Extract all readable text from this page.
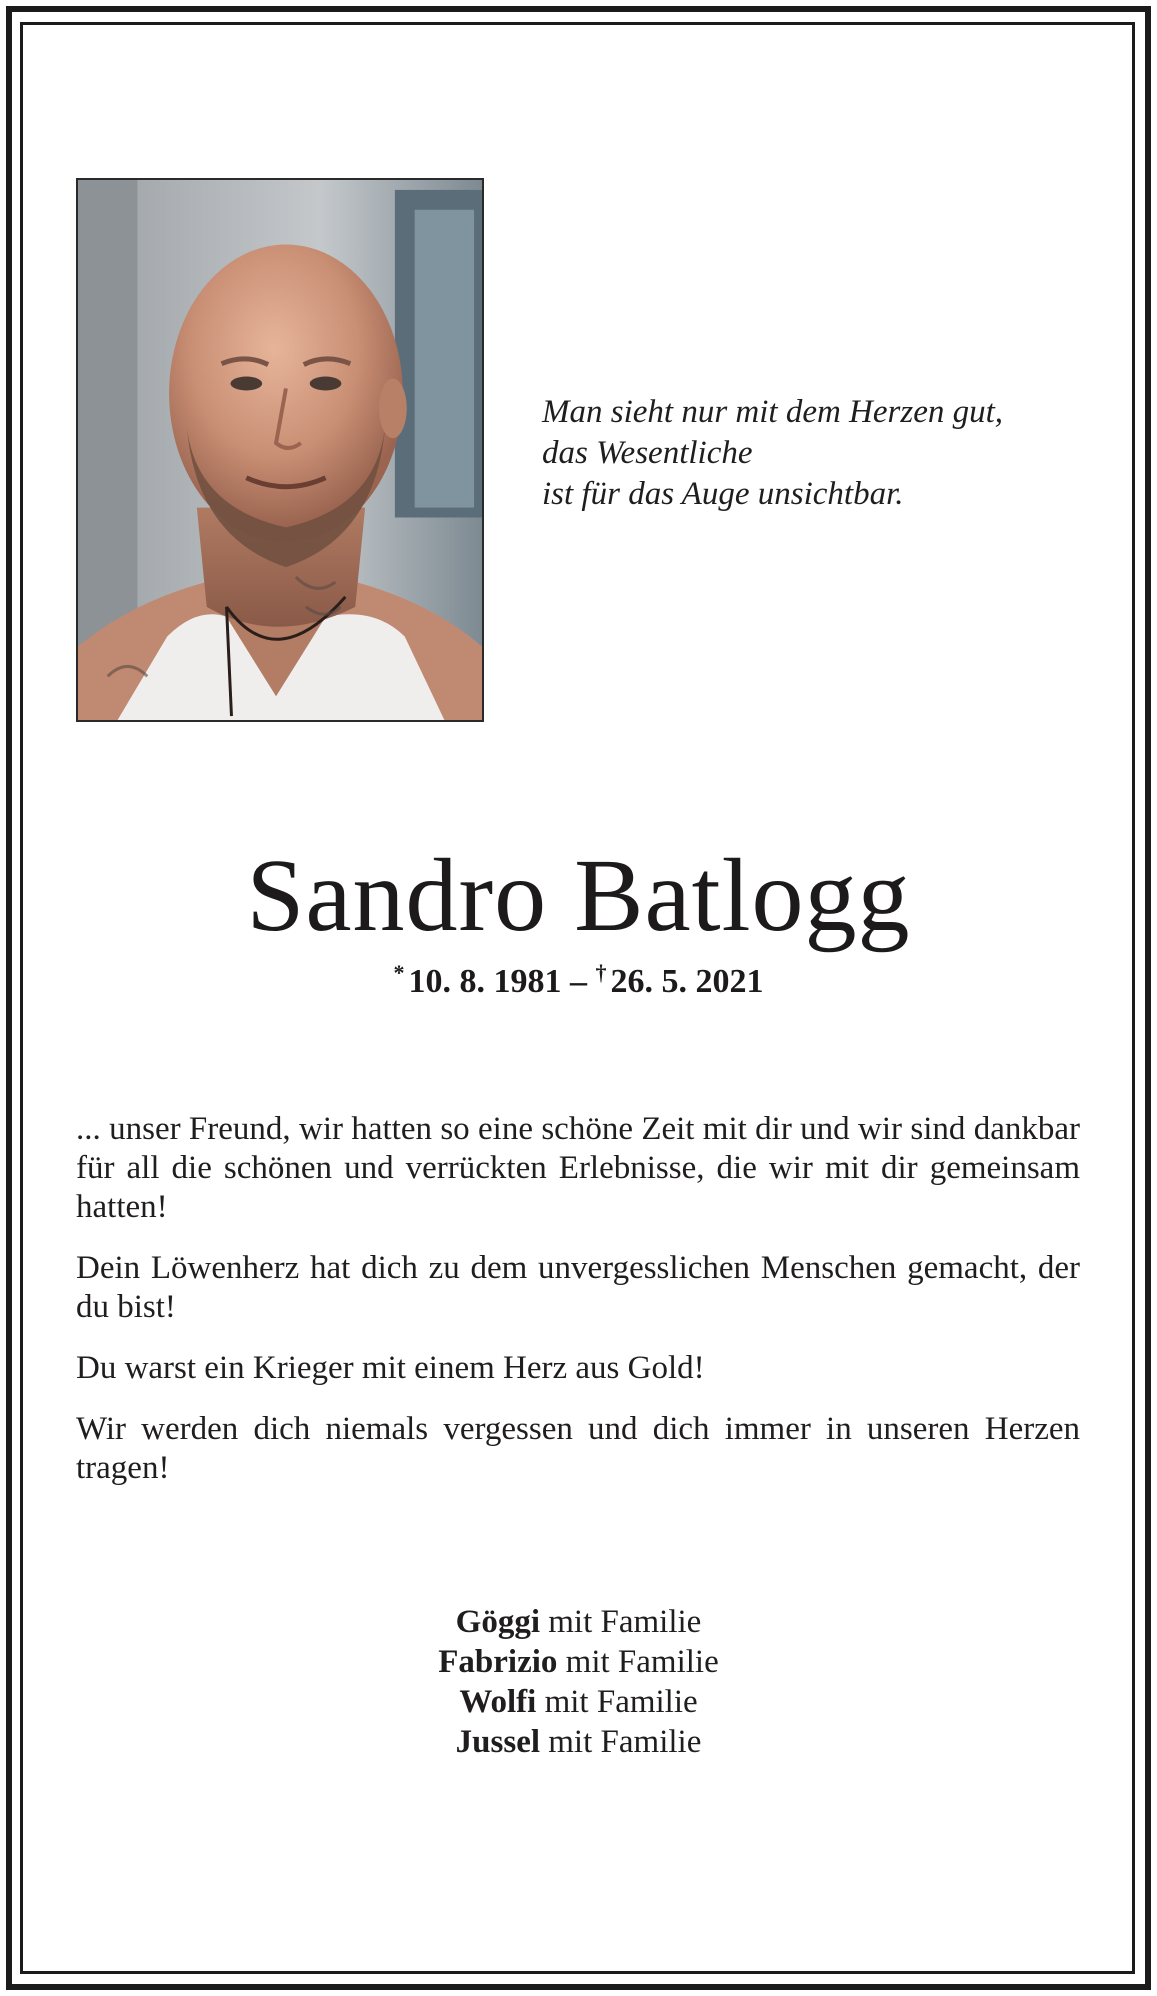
Man sieht nur mit dem Herzen gut,
das Wesentliche
ist für das Auge unsichtbar.
Sandro Batlogg
* 10. 8. 1981 – † 26. 5. 2021

... unser Freund, wir hatten so eine schöne Zeit mit dir und wir sind dankbar für all die schönen und verrückten Erlebnisse, die wir mit dir gemeinsam hatten!

Dein Löwenherz hat dich zu dem unvergesslichen Menschen gemacht, der du bist!

Du warst ein Krieger mit einem Herz aus Gold!

Wir werden dich niemals vergessen und dich immer in unseren Herzen tragen!

Göggi mit Familie
Fabrizio mit Familie
Wolfi mit Familie
Jussel mit Familie
